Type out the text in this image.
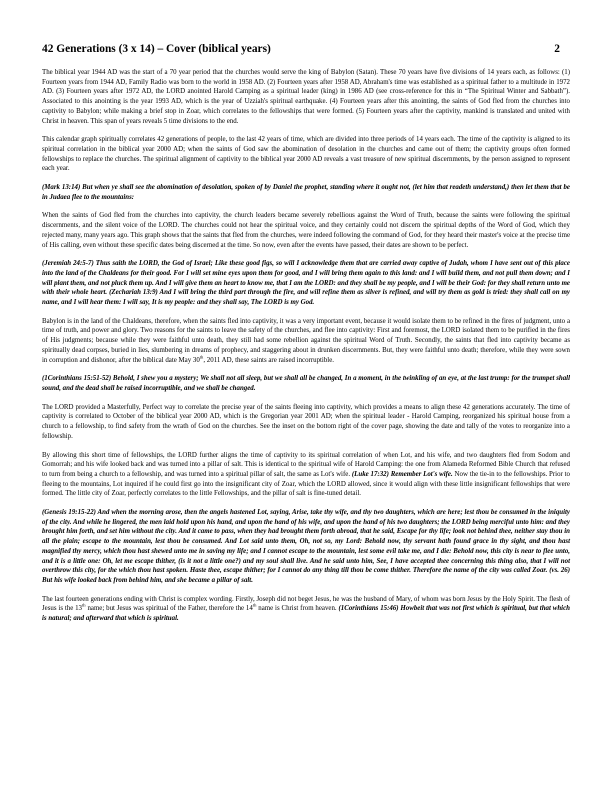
42 Generations (3 x 14) – Cover (biblical years)	2

The biblical year 1944 AD was the start of a 70 year period that the churches would serve the king of Babylon (Satan). These 70 years have five divisions of 14 years each, as follows: (1) Fourteen years from 1944 AD, Family Radio was born to the world in 1958 AD. (2) Fourteen years after 1958 AD, Abraham's time was established as a spiritual father to a multitude in 1972 AD. (3) Fourteen years after 1972 AD, the LORD anointed Harold Camping as a spiritual leader (king) in 1986 AD (see cross-reference for this in “The Spiritual Winter and Sabbath”). Associated to this anointing is the year 1993 AD, which is the year of Uzziah's spiritual earthquake. (4) Fourteen years after this anointing, the saints of God fled from the churches into captivity to Babylon; while making a brief stop in Zoar, which correlates to the fellowships that were formed. (5) Fourteen years after the captivity, mankind is translated and united with Christ in heaven. This span of years reveals 5 time divisions to the end.

This calendar graph spiritually correlates 42 generations of people, to the last 42 years of time, which are divided into three periods of 14 years each. The time of the captivity is aligned to its spiritual correlation in the biblical year 2000 AD; when the saints of God saw the abomination of desolation in the churches and came out of them; the captivity groups often formed fellowships to replace the churches. The spiritual alignment of captivity to the biblical year 2000 AD reveals a vast treasure of new spiritual discernments, by the person assigned to represent each year.

(Mark 13:14) But when ye shall see the abomination of desolation, spoken of by Daniel the prophet, standing where it ought not, (let him that readeth understand,) then let them that be in Judaea flee to the mountains:

When the saints of God fled from the churches into captivity, the church leaders became severely rebellious against the Word of Truth, because the saints were following the spiritual discernments, and the silent voice of the LORD. The churches could not hear the spiritual voice, and they certainly could not discern the spiritual depths of the Word of God, which they rejected many, many years ago. This graph shows that the saints that fled from the churches, were indeed following the command of God, for they heard their master's voice at the precise time of His calling, even without these specific dates being discerned at the time. So now, even after the events have passed, their dates are shown to be perfect.

(Jeremiah 24:5-7) Thus saith the LORD, the God of Israel; Like these good figs, so will I acknowledge them that are carried away captive of Judah, whom I have sent out of this place into the land of the Chaldeans for their good. For I will set mine eyes upon them for good, and I will bring them again to this land: and I will build them, and not pull them down; and I will plant them, and not pluck them up. And I will give them an heart to know me, that I am the LORD: and they shall be my people, and I will be their God: for they shall return unto me with their whole heart. (Zechariah 13:9) And I will bring the third part through the fire, and will refine them as silver is refined, and will try them as gold is tried: they shall call on my name, and I will hear them: I will say, It is my people: and they shall say, The LORD is my God.

Babylon is in the land of the Chaldeans, therefore, when the saints fled into captivity, it was a very important event, because it would isolate them to be refined in the fires of judgment, unto a time of truth, and power and glory. Two reasons for the saints to leave the safety of the churches, and flee into captivity: First and foremost, the LORD isolated them to be purified in the fires of His judgments; because while they were faithful unto death, they still had some rebellion against the spiritual Word of Truth. Secondly, the saints that fled into captivity became as spiritually dead corpses, buried in lies, slumbering in dreams of prophecy, and staggering about in drunken discernments. But, they were faithful unto death; therefore, while they were sown in corruption and dishonor, after the biblical date May 30th, 2011 AD, these saints are raised incorruptible.

(1Corinthians 15:51-52) Behold, I shew you a mystery; We shall not all sleep, but we shall all be changed, In a moment, in the twinkling of an eye, at the last trump: for the trumpet shall sound, and the dead shall be raised incorruptible, and we shall be changed.

The LORD provided a Masterfully, Perfect way to correlate the precise year of the saints fleeing into captivity, which provides a means to align these 42 generations accurately. The time of captivity is correlated to October of the biblical year 2000 AD, which is the Gregorian year 2001 AD; when the spiritual leader - Harold Camping, reorganized his spiritual house from a church to a fellowship, to find safety from the wrath of God on the churches. See the inset on the bottom right of the cover page, showing the date and tally of the votes to reorganize into a fellowship.

By allowing this short time of fellowships, the LORD further aligns the time of captivity to its spiritual correlation of when Lot, and his wife, and two daughters fled from Sodom and Gomorrah; and his wife looked back and was turned into a pillar of salt. This is identical to the spiritual wife of Harold Camping: the one from Alameda Reformed Bible Church that refused to turn from being a church to a fellowship, and was turned into a spiritual pillar of salt, the same as Lot's wife. (Luke 17:32) Remember Lot's wife. Now the tie-in to the fellowships. Prior to fleeing to the mountains, Lot inquired if he could first go into the insignificant city of Zoar, which the LORD allowed, since it would align with these little insignificant fellowships that were formed. The little city of Zoar, perfectly correlates to the little Fellowships, and the pillar of salt is fine-tuned detail.

(Genesis 19:15-22) And when the morning arose, then the angels hastened Lot, saying, Arise, take thy wife, and thy two daughters, which are here; lest thou be consumed in the iniquity of the city. And while he lingered, the men laid hold upon his hand, and upon the hand of his wife, and upon the hand of his two daughters; the LORD being merciful unto him: and they brought him forth, and set him without the city. And it came to pass, when they had brought them forth abroad, that he said, Escape for thy life; look not behind thee, neither stay thou in all the plain; escape to the mountain, lest thou be consumed. And Lot said unto them, Oh, not so, my Lord: Behold now, thy servant hath found grace in thy sight, and thou hast magnified thy mercy, which thou hast shewed unto me in saving my life; and I cannot escape to the mountain, lest some evil take me, and I die: Behold now, this city is near to flee unto, and it is a little one: Oh, let me escape thither, (is it not a little one?) and my soul shall live. And he said unto him, See, I have accepted thee concerning this thing also, that I will not overthrow this city, for the which thou hast spoken. Haste thee, escape thither; for I cannot do any thing till thou be come thither. Therefore the name of the city was called Zoar. (vs. 26) But his wife looked back from behind him, and she became a pillar of salt.

The last fourteen generations ending with Christ is complex wording. Firstly, Joseph did not beget Jesus, he was the husband of Mary, of whom was born Jesus by the Holy Spirit. The flesh of Jesus is the 13th name; but Jesus was spiritual of the Father, therefore the 14th name is Christ from heaven. (1Corinthians 15:46) Howbeit that was not first which is spiritual, but that which is natural; and afterward that which is spiritual.
